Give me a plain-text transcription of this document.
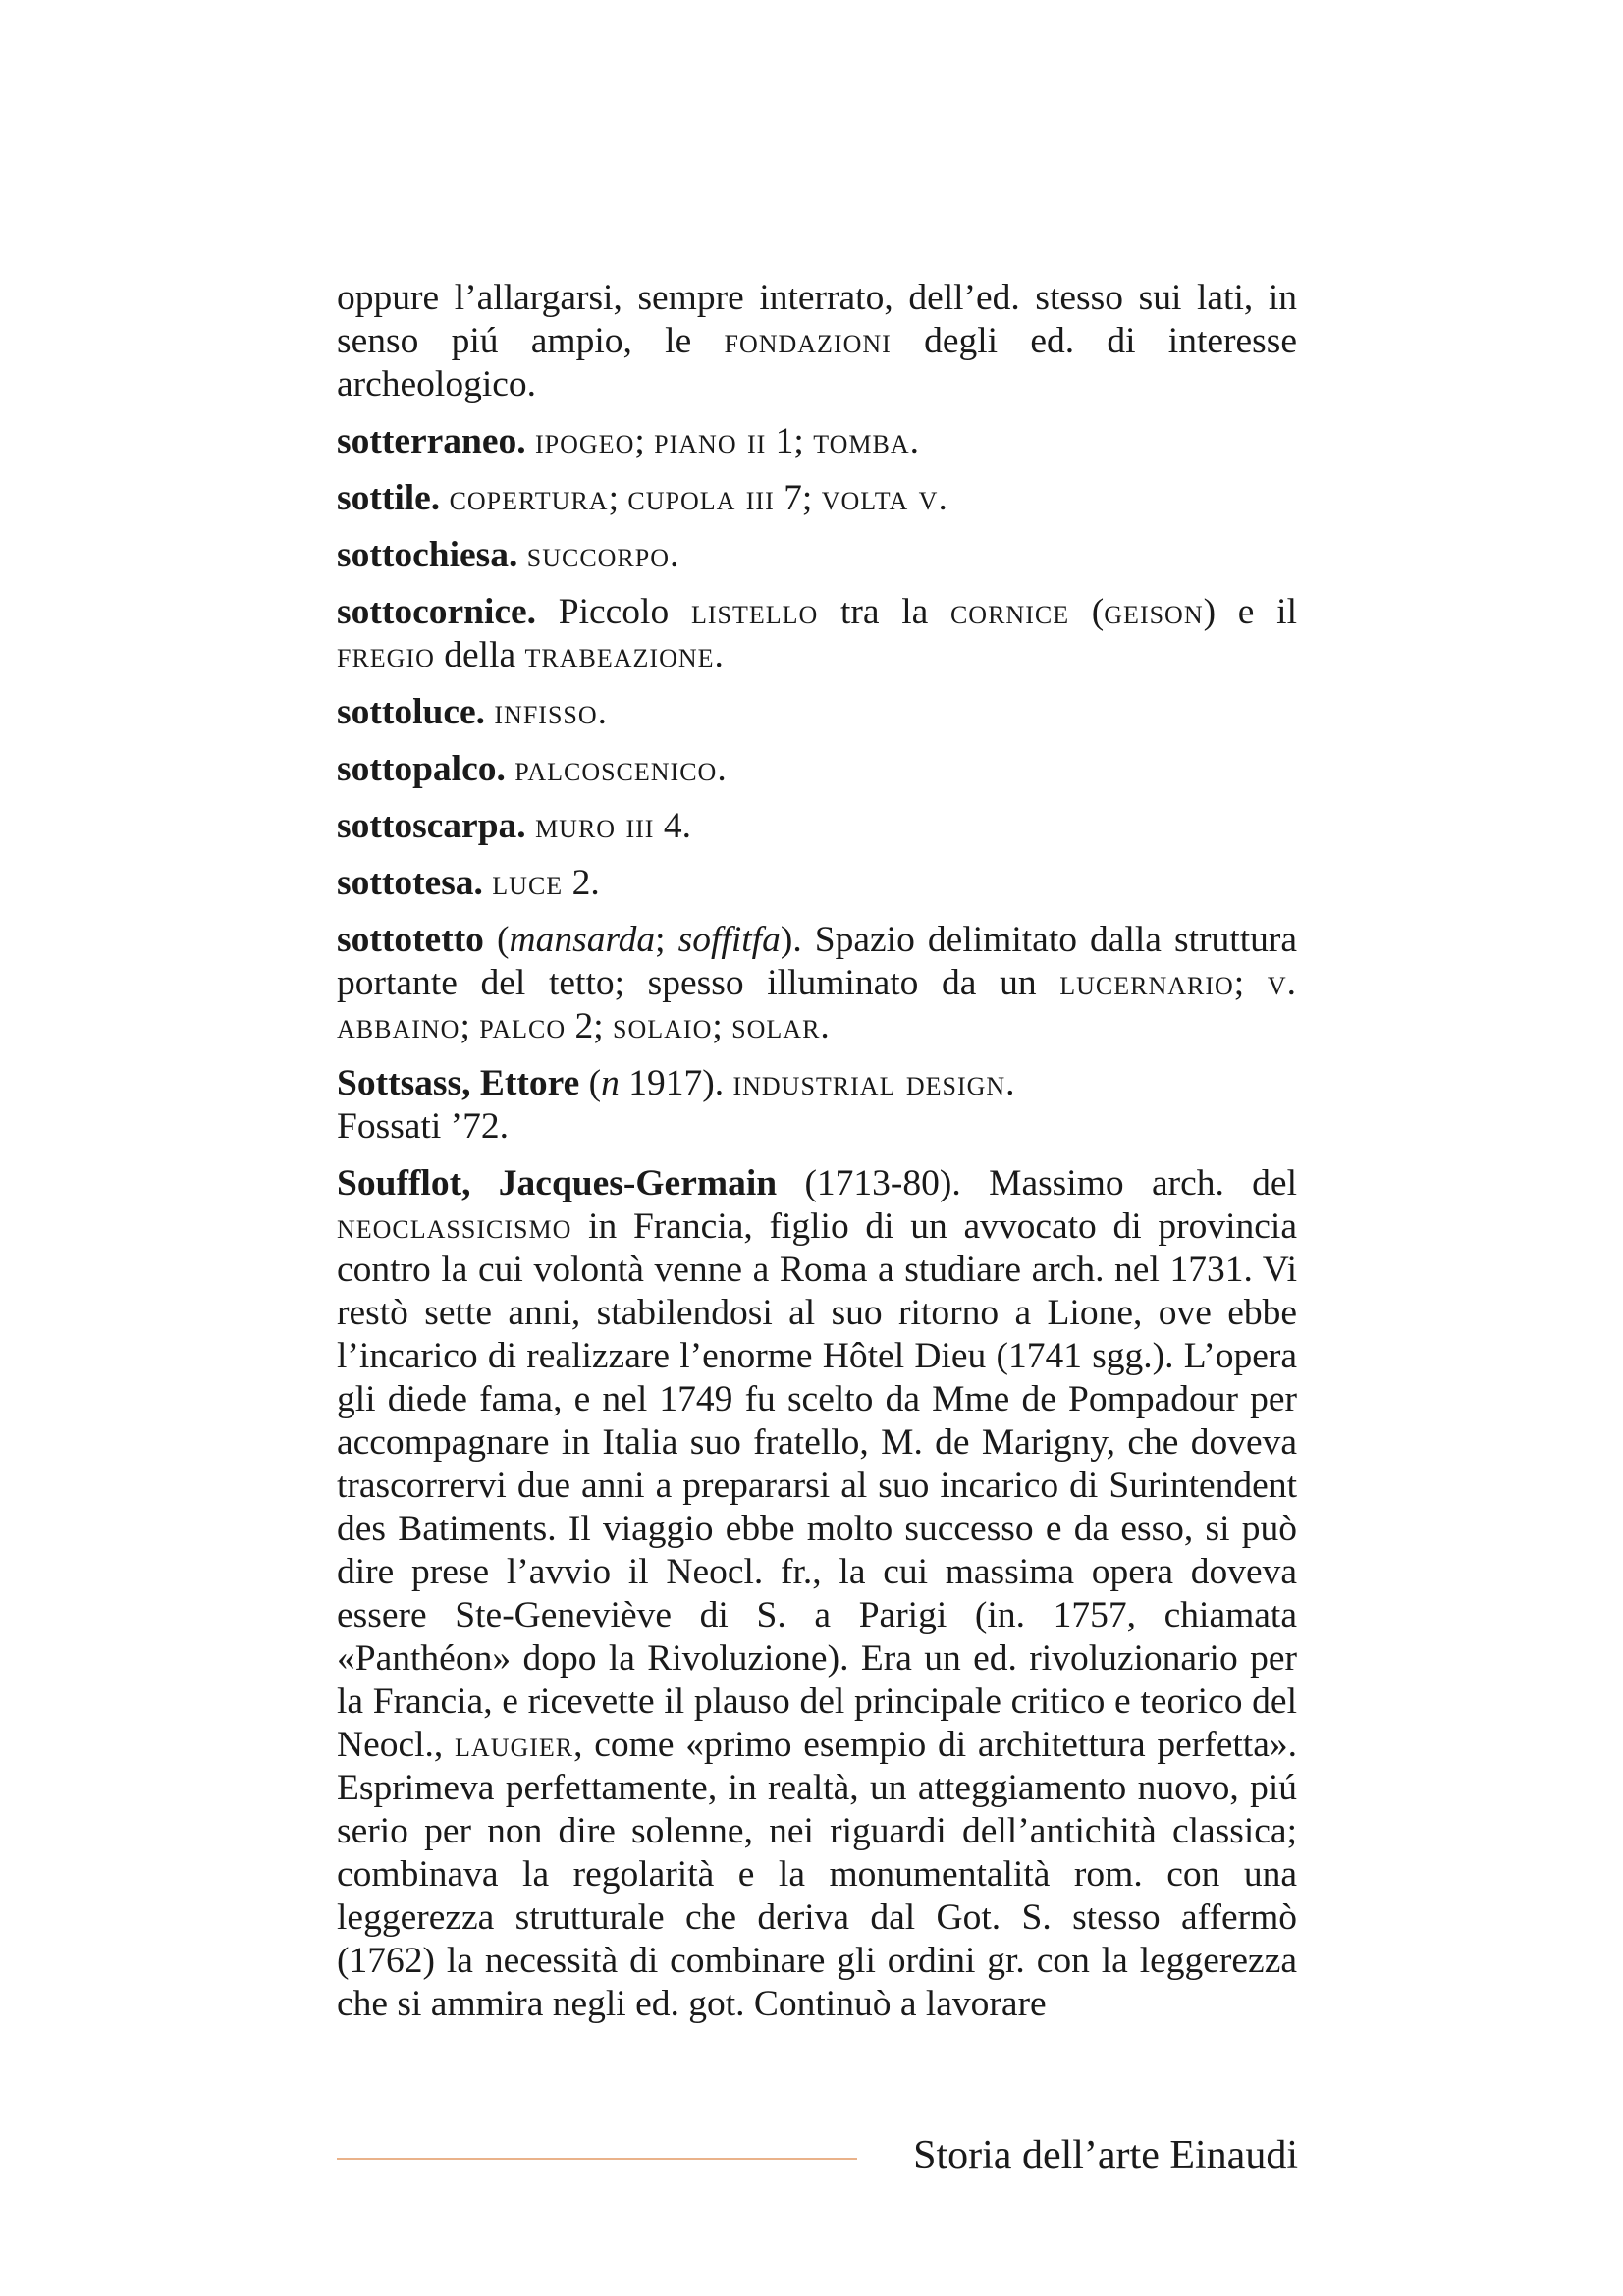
oppure l’allargarsi, sempre interrato, dell’ed. stesso sui lati, in senso piú ampio, le fondazioni degli ed. di interesse archeologico.

sotterraneo. ipogeo; piano ii 1; tomba.

sottile. copertura; cupola iii 7; volta v.

sottochiesa. succorpo.

sottocornice. Piccolo listello tra la cornice (geison) e il fregio della trabeazione.

sottoluce. infisso.

sottopalco. palcoscenico.

sottoscarpa. muro iii 4.

sottotesa. luce 2.

sottotetto (mansarda; soffitfa). Spazio delimitato dalla struttura portante del tetto; spesso illuminato da un lucernario; v. abbaino; palco 2; solaio; solar.

Sottsass, Ettore (n 1917). industrial design.

Fossati ’72.

Soufflot, Jacques-Germain (1713-80). Massimo arch. del neoclassicismo in Francia, figlio di un avvocato di provincia contro la cui volontà venne a Roma a studiare arch. nel 1731. Vi restò sette anni, stabilendosi al suo ritorno a Lione, ove ebbe l’incarico di realizzare l’enorme Hôtel Dieu (1741 sgg.). L’opera gli diede fama, e nel 1749 fu scelto da Mme de Pompadour per accompagnare in Italia suo fratello, M. de Marigny, che doveva trascorrervi due anni a prepararsi al suo incarico di Surintendent des Batiments. Il viaggio ebbe molto successo e da esso, si può dire prese l’avvio il Neocl. fr., la cui massima opera doveva essere Ste-Geneviève di S. a Parigi (in. 1757, chiamata «Panthéon» dopo la Rivoluzione). Era un ed. rivoluzionario per la Francia, e ricevette il plauso del principale critico e teorico del Neocl., laugier, come «primo esempio di architettura perfetta». Esprimeva perfettamente, in realtà, un atteggiamento nuovo, piú serio per non dire solenne, nei riguardi dell’antichità classica; combinava la regolarità e la monumentalità rom. con una leggerezza strutturale che deriva dal Got. S. stesso affermò (1762) la necessità di combinare gli ordini gr. con la leggerezza che si ammira negli ed. got. Continuò a lavorare

Storia dell’arte Einaudi
